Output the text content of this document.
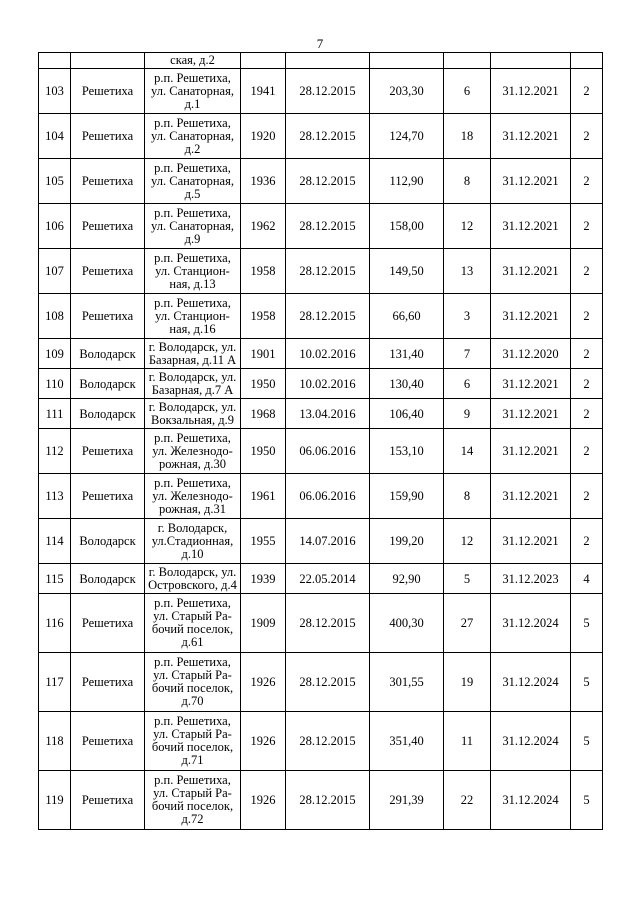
7
		ская, д.2						
103	Решетиха	р.п. Решетиха,
ул. Санаторная,
д.1	1941	28.12.2015	203,30	6	31.12.2021	2
104	Решетиха	р.п. Решетиха,
ул. Санаторная,
д.2	1920	28.12.2015	124,70	18	31.12.2021	2
105	Решетиха	р.п. Решетиха,
ул. Санаторная,
д.5	1936	28.12.2015	112,90	8	31.12.2021	2
106	Решетиха	р.п. Решетиха,
ул. Санаторная,
д.9	1962	28.12.2015	158,00	12	31.12.2021	2
107	Решетиха	р.п. Решетиха,
ул. Станцион-
ная, д.13	1958	28.12.2015	149,50	13	31.12.2021	2
108	Решетиха	р.п. Решетиха,
ул. Станцион-
ная, д.16	1958	28.12.2015	66,60	3	31.12.2021	2
109	Володарск	г. Володарск, ул.
Базарная, д.11 А	1901	10.02.2016	131,40	7	31.12.2020	2
110	Володарск	г. Володарск, ул.
Базарная, д.7 А	1950	10.02.2016	130,40	6	31.12.2021	2
111	Володарск	г. Володарск, ул.
Вокзальная, д.9	1968	13.04.2016	106,40	9	31.12.2021	2
112	Решетиха	р.п. Решетиха,
ул. Железнодо-
рожная, д.30	1950	06.06.2016	153,10	14	31.12.2021	2
113	Решетиха	р.п. Решетиха,
ул. Железнодо-
рожная, д.31	1961	06.06.2016	159,90	8	31.12.2021	2
114	Володарск	г. Володарск,
ул.Стадионная,
д.10	1955	14.07.2016	199,20	12	31.12.2021	2
115	Володарск	г. Володарск, ул.
Островского, д.4	1939	22.05.2014	92,90	5	31.12.2023	4
116	Решетиха	р.п. Решетиха,
ул. Старый Ра-
бочий поселок,
д.61	1909	28.12.2015	400,30	27	31.12.2024	5
117	Решетиха	р.п. Решетиха,
ул. Старый Ра-
бочий поселок,
д.70	1926	28.12.2015	301,55	19	31.12.2024	5
118	Решетиха	р.п. Решетиха,
ул. Старый Ра-
бочий поселок,
д.71	1926	28.12.2015	351,40	11	31.12.2024	5
119	Решетиха	р.п. Решетиха,
ул. Старый Ра-
бочий поселок,
д.72	1926	28.12.2015	291,39	22	31.12.2024	5
